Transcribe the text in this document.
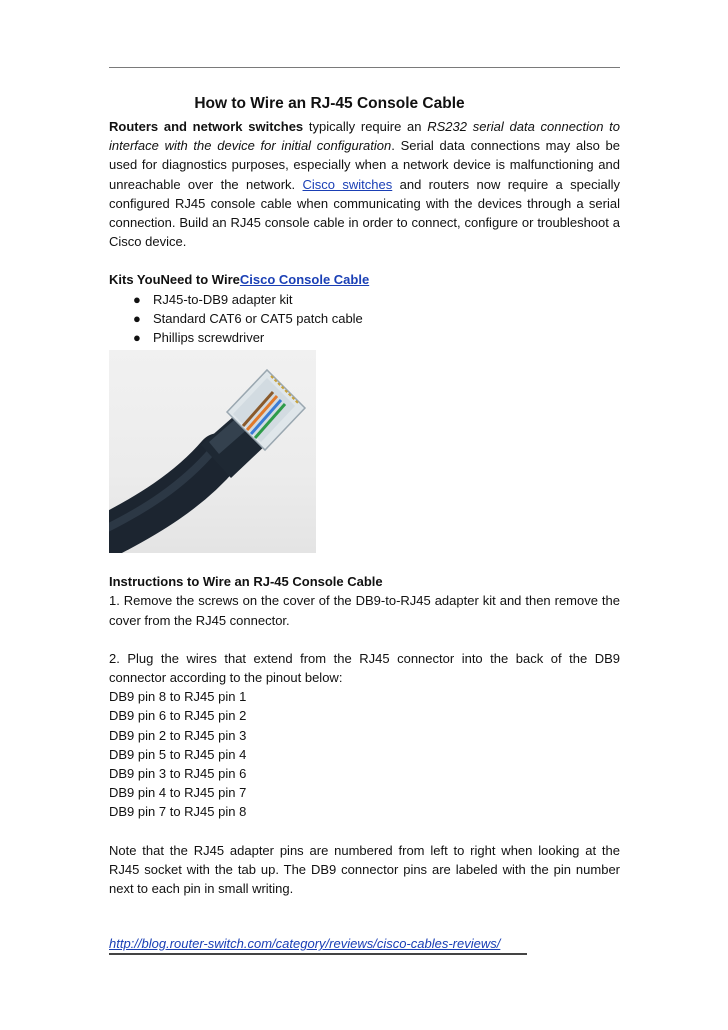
How to Wire an RJ-45 Console Cable

Routers and network switches typically require an RS232 serial data connection to interface with the device for initial configuration. Serial data connections may also be used for diagnostics purposes, especially when a network device is malfunctioning and unreachable over the network. Cisco switches and routers now require a specially configured RJ45 console cable when communicating with the devices through a serial connection. Build an RJ45 console cable in order to connect, configure or troubleshoot a Cisco device.

Kits YouNeed to WireCisco Console Cable

● RJ45-to-DB9 adapter kit
● Standard CAT6 or CAT5 patch cable
● Phillips screwdriver

Instructions to Wire an RJ-45 Console Cable

1. Remove the screws on the cover of the DB9-to-RJ45 adapter kit and then remove the cover from the RJ45 connector.

2. Plug the wires that extend from the RJ45 connector into the back of the DB9 connector according to the pinout below:

DB9 pin 8 to RJ45 pin 1

DB9 pin 6 to RJ45 pin 2

DB9 pin 2 to RJ45 pin 3

DB9 pin 5 to RJ45 pin 4

DB9 pin 3 to RJ45 pin 6

DB9 pin 4 to RJ45 pin 7

DB9 pin 7 to RJ45 pin 8

Note that the RJ45 adapter pins are numbered from left to right when looking at the RJ45 socket with the tab up. The DB9 connector pins are labeled with the pin number next to each pin in small writing.

http://blog.router-switch.com/category/reviews/cisco-cables-reviews/
